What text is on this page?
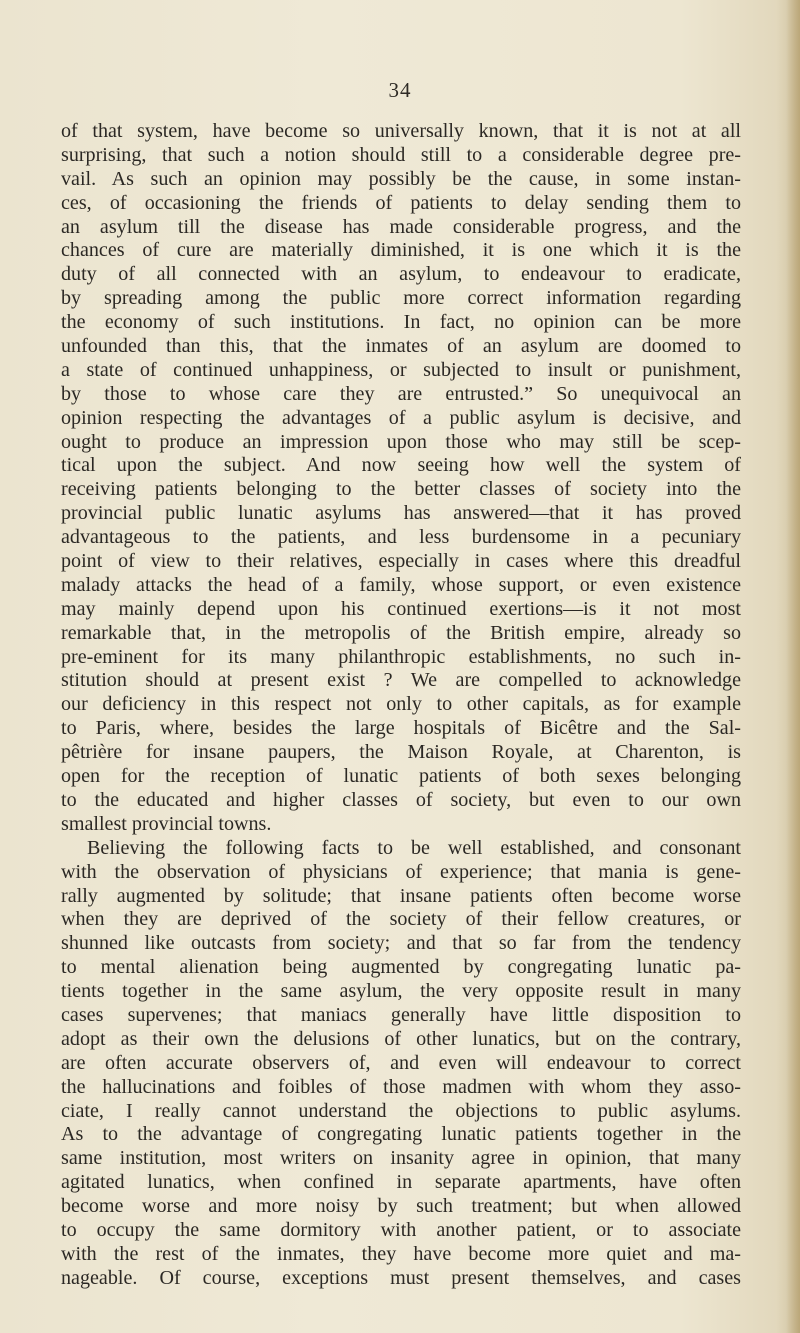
34
of that system, have become so universally known, that it is not at all
surprising, that such a notion should still to a considerable degree pre-
vail. As such an opinion may possibly be the cause, in some instan-
ces, of occasioning the friends of patients to delay sending them to
an asylum till the disease has made considerable progress, and the
chances of cure are materially diminished, it is one which it is the
duty of all connected with an asylum, to endeavour to eradicate,
by spreading among the public more correct information regarding
the economy of such institutions. In fact, no opinion can be more
unfounded than this, that the inmates of an asylum are doomed to
a state of continued unhappiness, or subjected to insult or punishment,
by those to whose care they are entrusted.” So unequivocal an
opinion respecting the advantages of a public asylum is decisive, and
ought to produce an impression upon those who may still be scep-
tical upon the subject. And now seeing how well the system of
receiving patients belonging to the better classes of society into the
provincial public lunatic asylums has answered—that it has proved
advantageous to the patients, and less burdensome in a pecuniary
point of view to their relatives, especially in cases where this dreadful
malady attacks the head of a family, whose support, or even existence
may mainly depend upon his continued exertions—is it not most
remarkable that, in the metropolis of the British empire, already so
pre-eminent for its many philanthropic establishments, no such in-
stitution should at present exist ? We are compelled to acknowledge
our deficiency in this respect not only to other capitals, as for example
to Paris, where, besides the large hospitals of Bicêtre and the Sal-
pêtrière for insane paupers, the Maison Royale, at Charenton, is
open for the reception of lunatic patients of both sexes belonging
to the educated and higher classes of society, but even to our own
smallest provincial towns.
Believing the following facts to be well established, and consonant
with the observation of physicians of experience; that mania is gene-
rally augmented by solitude; that insane patients often become worse
when they are deprived of the society of their fellow creatures, or
shunned like outcasts from society; and that so far from the tendency
to mental alienation being augmented by congregating lunatic pa-
tients together in the same asylum, the very opposite result in many
cases supervenes; that maniacs generally have little disposition to
adopt as their own the delusions of other lunatics, but on the contrary,
are often accurate observers of, and even will endeavour to correct
the hallucinations and foibles of those madmen with whom they asso-
ciate, I really cannot understand the objections to public asylums.
As to the advantage of congregating lunatic patients together in the
same institution, most writers on insanity agree in opinion, that many
agitated lunatics, when confined in separate apartments, have often
become worse and more noisy by such treatment; but when allowed
to occupy the same dormitory with another patient, or to associate
with the rest of the inmates, they have become more quiet and ma-
nageable. Of course, exceptions must present themselves, and cases
